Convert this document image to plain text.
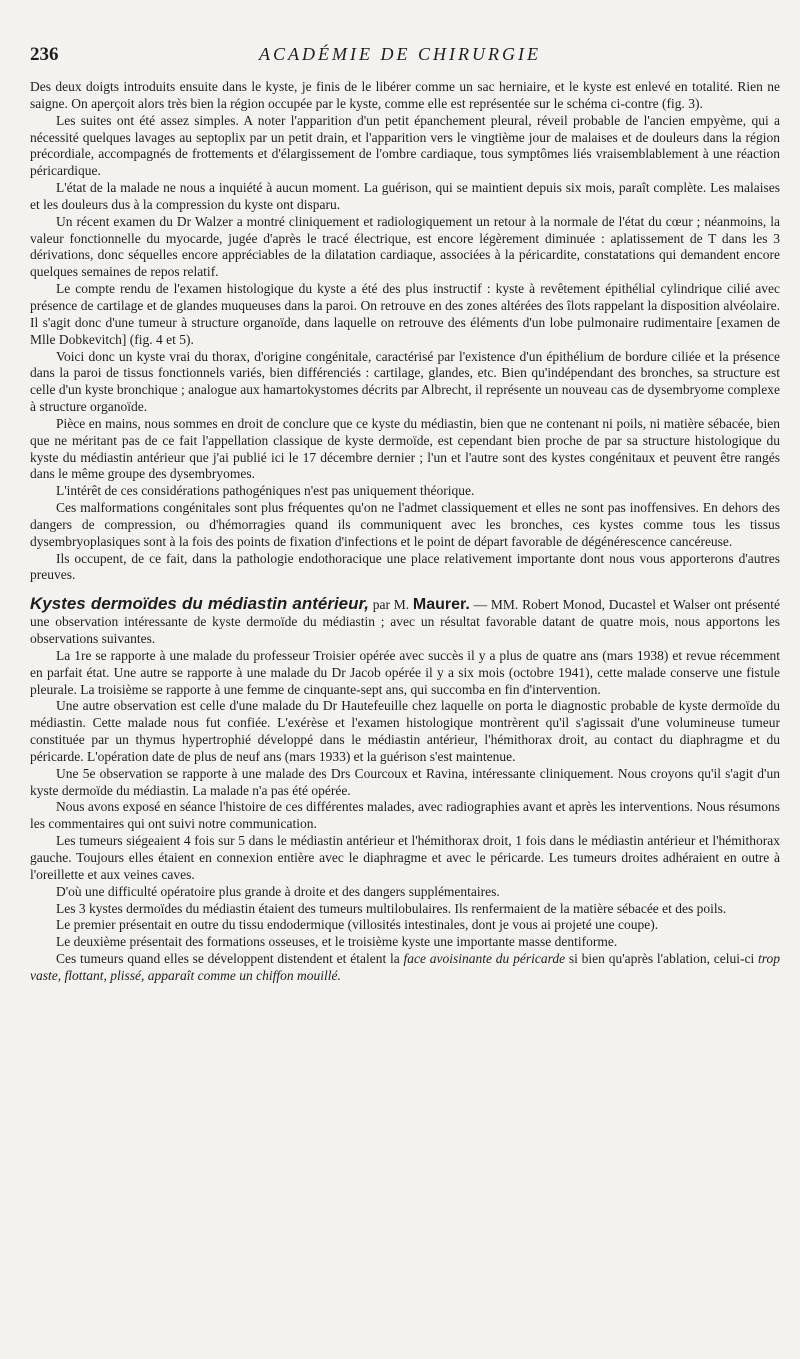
236	ACADÉMIE DE CHIRURGIE

Des deux doigts introduits ensuite dans le kyste, je finis de le libérer comme un sac herniaire, et le kyste est enlevé en totalité. Rien ne saigne. On aperçoit alors très bien la région occupée par le kyste, comme elle est représentée sur le schéma ci-contre (fig. 3).

Les suites ont été assez simples. A noter l'apparition d'un petit épanchement pleural, réveil probable de l'ancien empyème, qui a nécessité quelques lavages au septoplix par un petit drain, et l'apparition vers le vingtième jour de malaises et de douleurs dans la région précordiale, accompagnés de frottements et d'élargissement de l'ombre cardiaque, tous symptômes liés vraisemblablement à une réaction péricardique.

L'état de la malade ne nous a inquiété à aucun moment. La guérison, qui se maintient depuis six mois, paraît complète. Les malaises et les douleurs dus à la compression du kyste ont disparu.

Un récent examen du Dr Walzer a montré cliniquement et radiologiquement un retour à la normale de l'état du cœur ; néanmoins, la valeur fonctionnelle du myocarde, jugée d'après le tracé électrique, est encore légèrement diminuée : aplatissement de T dans les 3 dérivations, donc séquelles encore appréciables de la dilatation cardiaque, associées à la péricardite, constatations qui demandent encore quelques semaines de repos relatif.

Le compte rendu de l'examen histologique du kyste a été des plus instructif : kyste à revêtement épithélial cylindrique cilié avec présence de cartilage et de glandes muqueuses dans la paroi. On retrouve en des zones altérées des îlots rappelant la disposition alvéolaire. Il s'agit donc d'une tumeur à structure organoïde, dans laquelle on retrouve des éléments d'un lobe pulmonaire rudimentaire [examen de Mlle Dobkevitch] (fig. 4 et 5).

Voici donc un kyste vrai du thorax, d'origine congénitale, caractérisé par l'existence d'un épithélium de bordure ciliée et la présence dans la paroi de tissus fonctionnels variés, bien différenciés : cartilage, glandes, etc. Bien qu'indépendant des bronches, sa structure est celle d'un kyste bronchique ; analogue aux hamartokystomes décrits par Albrecht, il représente un nouveau cas de dysembryome complexe à structure organoïde.

Pièce en mains, nous sommes en droit de conclure que ce kyste du médiastin, bien que ne contenant ni poils, ni matière sébacée, bien que ne méritant pas de ce fait l'appellation classique de kyste dermoïde, est cependant bien proche de par sa structure histologique du kyste du médiastin antérieur que j'ai publié ici le 17 décembre dernier ; l'un et l'autre sont des kystes congénitaux et peuvent être rangés dans le même groupe des dysembryomes.

L'intérêt de ces considérations pathogéniques n'est pas uniquement théorique.

Ces malformations congénitales sont plus fréquentes qu'on ne l'admet classiquement et elles ne sont pas inoffensives. En dehors des dangers de compression, ou d'hémorragies quand ils communiquent avec les bronches, ces kystes comme tous les tissus dysembryoplasiques sont à la fois des points de fixation d'infections et le point de départ favorable de dégénérescence cancéreuse.

Ils occupent, de ce fait, dans la pathologie endothoracique une place relativement importante dont nous vous apporterons d'autres preuves.

Kystes dermoïdes du médiastin antérieur, par M. Maurer. — MM. Robert Monod, Ducastel et Walser ont présenté une observation intéressante de kyste dermoïde du médiastin ; avec un résultat favorable datant de quatre mois, nous apportons les observations suivantes.

La 1re se rapporte à une malade du professeur Troisier opérée avec succès il y a plus de quatre ans (mars 1938) et revue récemment en parfait état. Une autre se rapporte à une malade du Dr Jacob opérée il y a six mois (octobre 1941), cette malade conserve une fistule pleurale. La troisième se rapporte à une femme de cinquante-sept ans, qui succomba en fin d'intervention.

Une autre observation est celle d'une malade du Dr Hautefeuille chez laquelle on porta le diagnostic probable de kyste dermoïde du médiastin. Cette malade nous fut confiée. L'exérèse et l'examen histologique montrèrent qu'il s'agissait d'une volumineuse tumeur constituée par un thymus hypertrophié développé dans le médiastin antérieur, l'hémithorax droit, au contact du diaphragme et du péricarde. L'opération date de plus de neuf ans (mars 1933) et la guérison s'est maintenue.

Une 5e observation se rapporte à une malade des Drs Courcoux et Ravina, intéressante cliniquement. Nous croyons qu'il s'agit d'un kyste dermoïde du médiastin. La malade n'a pas été opérée.

Nous avons exposé en séance l'histoire de ces différentes malades, avec radiographies avant et après les interventions. Nous résumons les commentaires qui ont suivi notre communication.

Les tumeurs siégeaient 4 fois sur 5 dans le médiastin antérieur et l'hémithorax droit, 1 fois dans le médiastin antérieur et l'hémithorax gauche. Toujours elles étaient en connexion entière avec le diaphragme et avec le péricarde. Les tumeurs droites adhéraient en outre à l'oreillette et aux veines caves.

D'où une difficulté opératoire plus grande à droite et des dangers supplémentaires.

Les 3 kystes dermoïdes du médiastin étaient des tumeurs multilobulaires. Ils renfermaient de la matière sébacée et des poils.

Le premier présentait en outre du tissu endodermique (villosités intestinales, dont je vous ai projeté une coupe).

Le deuxième présentait des formations osseuses, et le troisième kyste une importante masse dentiforme.

Ces tumeurs quand elles se développent distendent et étalent la face avoisinante du péricarde si bien qu'après l'ablation, celui-ci trop vaste, flottant, plissé, apparaît comme un chiffon mouillé.
